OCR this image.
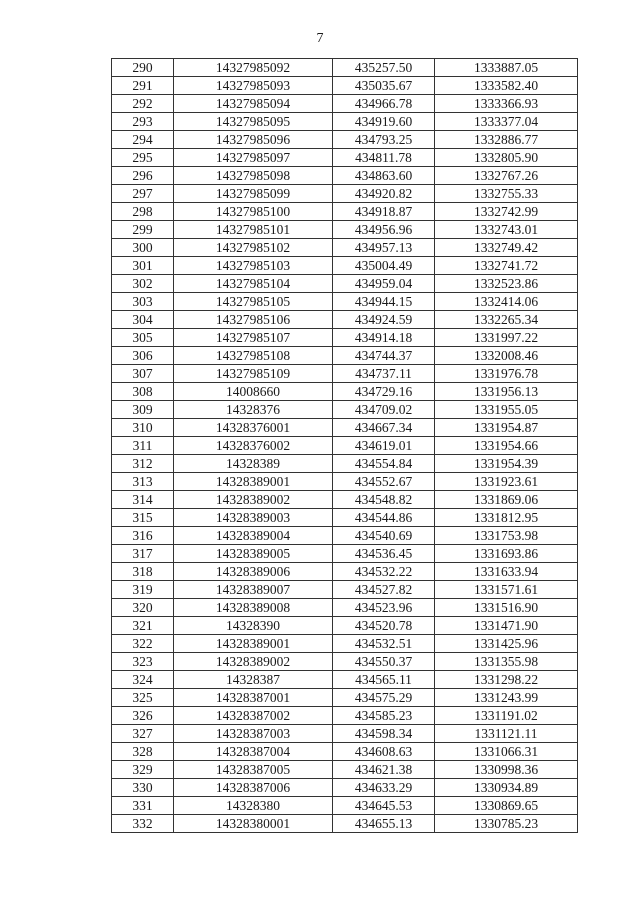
7
290	14327985092	435257.50	1333887.05
291	14327985093	435035.67	1333582.40
292	14327985094	434966.78	1333366.93
293	14327985095	434919.60	1333377.04
294	14327985096	434793.25	1332886.77
295	14327985097	434811.78	1332805.90
296	14327985098	434863.60	1332767.26
297	14327985099	434920.82	1332755.33
298	14327985100	434918.87	1332742.99
299	14327985101	434956.96	1332743.01
300	14327985102	434957.13	1332749.42
301	14327985103	435004.49	1332741.72
302	14327985104	434959.04	1332523.86
303	14327985105	434944.15	1332414.06
304	14327985106	434924.59	1332265.34
305	14327985107	434914.18	1331997.22
306	14327985108	434744.37	1332008.46
307	14327985109	434737.11	1331976.78
308	14008660	434729.16	1331956.13
309	14328376	434709.02	1331955.05
310	14328376001	434667.34	1331954.87
311	14328376002	434619.01	1331954.66
312	14328389	434554.84	1331954.39
313	14328389001	434552.67	1331923.61
314	14328389002	434548.82	1331869.06
315	14328389003	434544.86	1331812.95
316	14328389004	434540.69	1331753.98
317	14328389005	434536.45	1331693.86
318	14328389006	434532.22	1331633.94
319	14328389007	434527.82	1331571.61
320	14328389008	434523.96	1331516.90
321	14328390	434520.78	1331471.90
322	14328389001	434532.51	1331425.96
323	14328389002	434550.37	1331355.98
324	14328387	434565.11	1331298.22
325	14328387001	434575.29	1331243.99
326	14328387002	434585.23	1331191.02
327	14328387003	434598.34	1331121.11
328	14328387004	434608.63	1331066.31
329	14328387005	434621.38	1330998.36
330	14328387006	434633.29	1330934.89
331	14328380	434645.53	1330869.65
332	14328380001	434655.13	1330785.23
